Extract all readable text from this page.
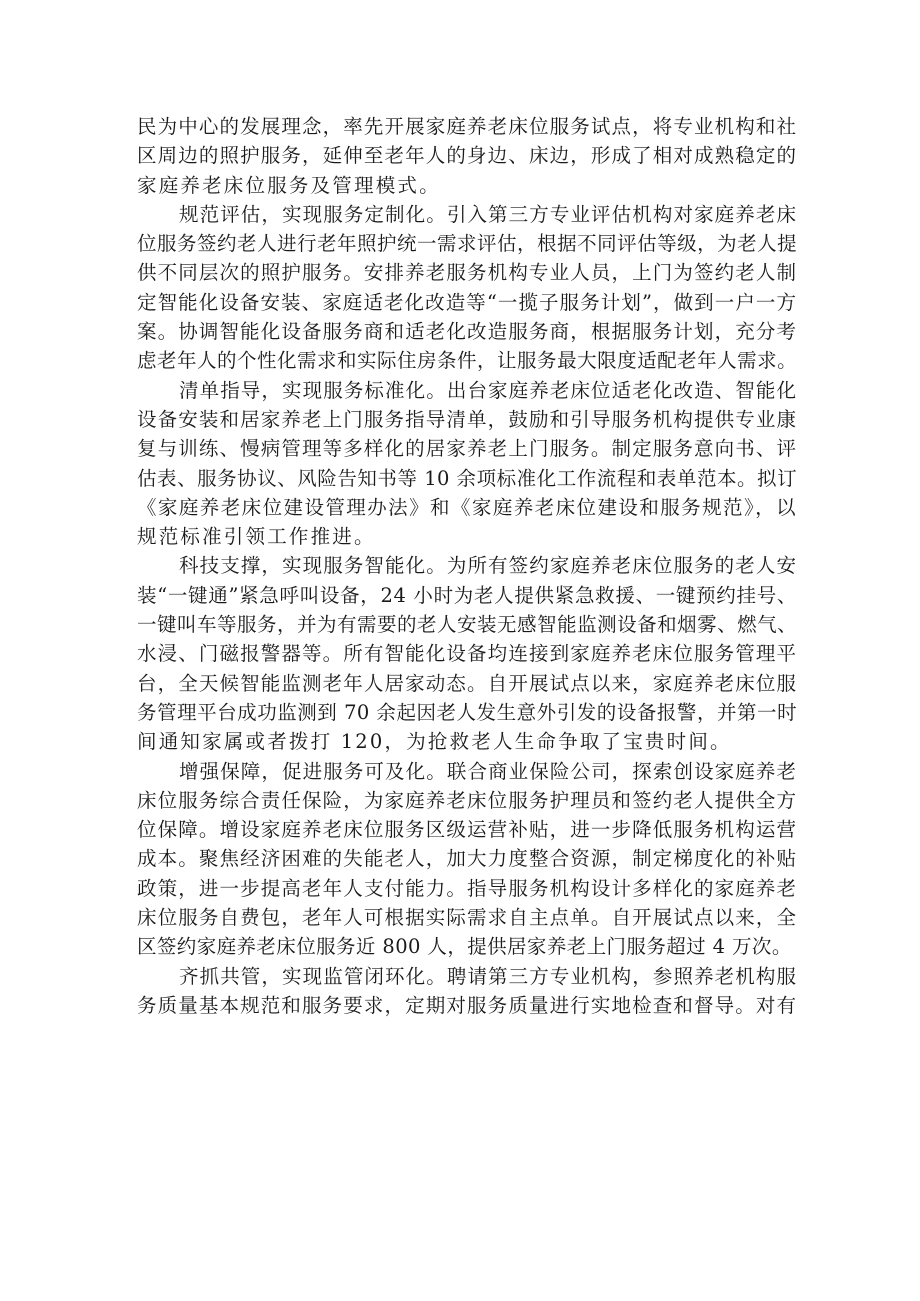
民为中心的发展理念，率先开展家庭养老床位服务试点，将专业机构和社
区周边的照护服务，延伸至老年人的身边、床边，形成了相对成熟稳定的
家庭养老床位服务及管理模式。
规范评估，实现服务定制化。引入第三方专业评估机构对家庭养老床
位服务签约老人进行老年照护统一需求评估，根据不同评估等级，为老人提
供不同层次的照护服务。安排养老服务机构专业人员，上门为签约老人制
定智能化设备安装、家庭适老化改造等“一揽子服务计划”，做到一户一方
案。协调智能化设备服务商和适老化改造服务商，根据服务计划，充分考
虑老年人的个性化需求和实际住房条件，让服务最大限度适配老年人需求。
清单指导，实现服务标准化。出台家庭养老床位适老化改造、智能化
设备安装和居家养老上门服务指导清单，鼓励和引导服务机构提供专业康
复与训练、慢病管理等多样化的居家养老上门服务。制定服务意向书、评
估表、服务协议、风险告知书等 10 余项标准化工作流程和表单范本。拟订
《家庭养老床位建设管理办法》和《家庭养老床位建设和服务规范》，以
规范标准引领工作推进。
科技支撑，实现服务智能化。为所有签约家庭养老床位服务的老人安
装“一键通”紧急呼叫设备，24 小时为老人提供紧急救援、一键预约挂号、
一键叫车等服务，并为有需要的老人安装无感智能监测设备和烟雾、燃气、
水浸、门磁报警器等。所有智能化设备均连接到家庭养老床位服务管理平
台，全天候智能监测老年人居家动态。自开展试点以来，家庭养老床位服
务管理平台成功监测到 70 余起因老人发生意外引发的设备报警，并第一时
间通知家属或者拨打 120，为抢救老人生命争取了宝贵时间。
增强保障，促进服务可及化。联合商业保险公司，探索创设家庭养老
床位服务综合责任保险，为家庭养老床位服务护理员和签约老人提供全方
位保障。增设家庭养老床位服务区级运营补贴，进一步降低服务机构运营
成本。聚焦经济困难的失能老人，加大力度整合资源，制定梯度化的补贴
政策，进一步提高老年人支付能力。指导服务机构设计多样化的家庭养老
床位服务自费包，老年人可根据实际需求自主点单。自开展试点以来，全
区签约家庭养老床位服务近 800 人，提供居家养老上门服务超过 4 万次。
齐抓共管，实现监管闭环化。聘请第三方专业机构，参照养老机构服
务质量基本规范和服务要求，定期对服务质量进行实地检查和督导。对有
